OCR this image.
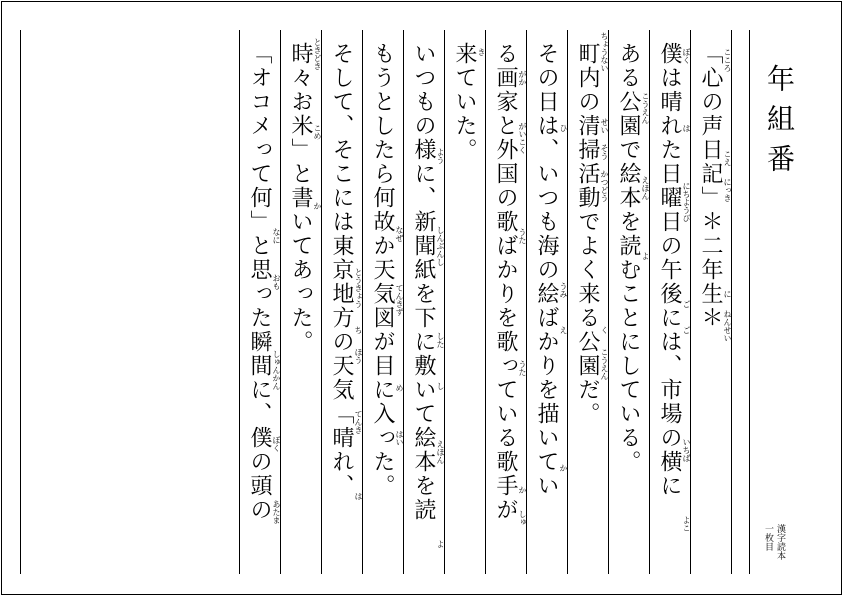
年組番
漢字読本
一枚目
「心の声日記」＊二年生＊ こころ
こえ
にっき
に
ねんせい
僕は晴れた日曜日の午後には、市場の横に ぼく
は
にちようび
ご
ご
いちば
よこ
ある公園で絵本を読むことにしている。 こうえん
えほん
よ
町内の清掃活動でよく来る公園だ。 ちょうない
せい
そう
かつどう
く
こうえん
その日は、いつも海の絵ばかりを描いてい ひ
うみ
え
か
る画家と外国の歌ばかりを歌っている歌手が がか
がいこく
うた
うた
か
しゅ
来ていた。 き
いつもの様に、新聞紙を下に敷いて絵本を読 よう
しんぶんし
した
し
えほん
よ
もうとしたら何故か天気図が目に入った。 なぜ
てんきず
め
はい
そして、そこには東京地方の天気「晴れ、 とうきょう
ち
ほう
てんき
は
時々お米」と書いてあった。 ときどき
こめ
か
「オコメって何」と思った瞬間に、僕の頭の なに
おも
しゅんかん
ぼく
あたま
